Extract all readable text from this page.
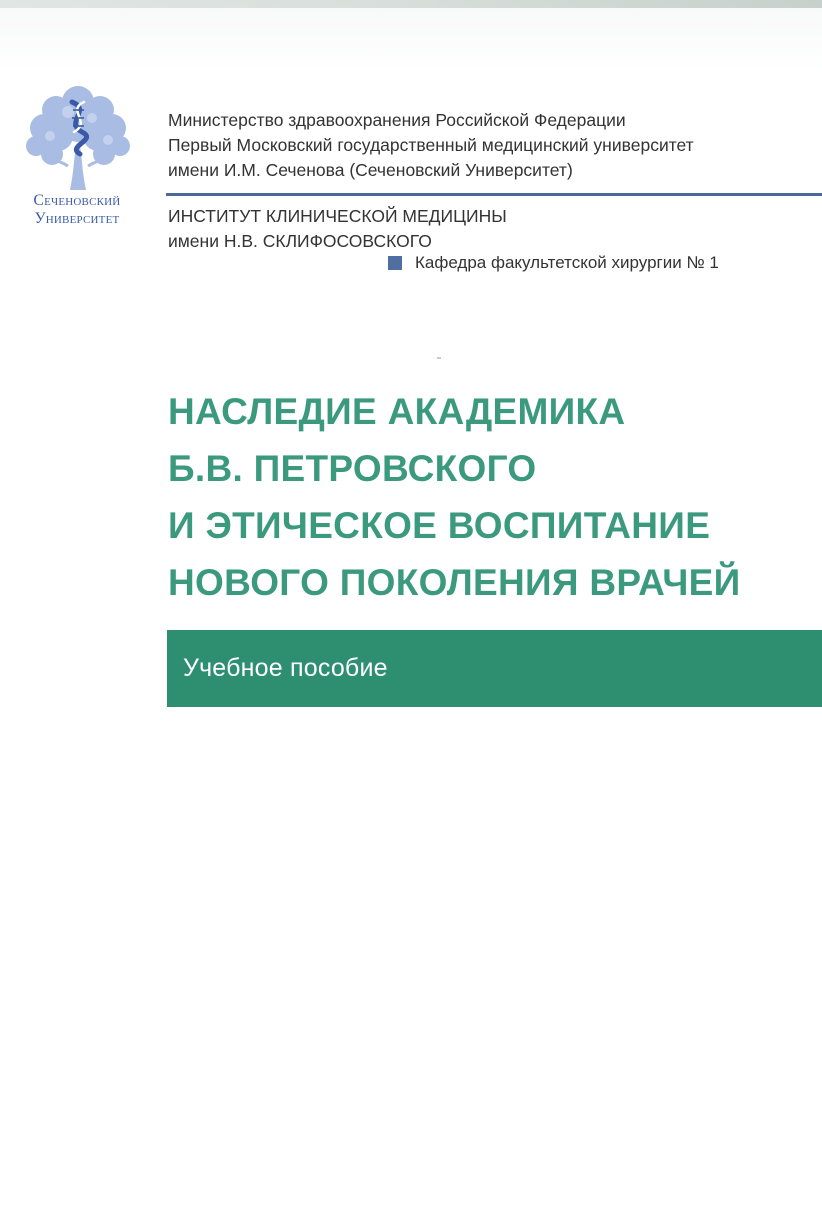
Сеченовский
Университет
Министерство здравоохранения Российской Федерации
Первый Московский государственный медицинский университет
имени И.М. Сеченова (Сеченовский Университет)
ИНСТИТУТ КЛИНИЧЕСКОЙ МЕДИЦИНЫ
имени Н.В. СКЛИФОСОВСКОГО
Кафедра факультетской хирургии № 1
НАСЛЕДИЕ АКАДЕМИКА
Б.В. ПЕТРОВСКОГО
И ЭТИЧЕСКОЕ ВОСПИТАНИЕ
НОВОГО ПОКОЛЕНИЯ ВРАЧЕЙ
Учебное пособие
